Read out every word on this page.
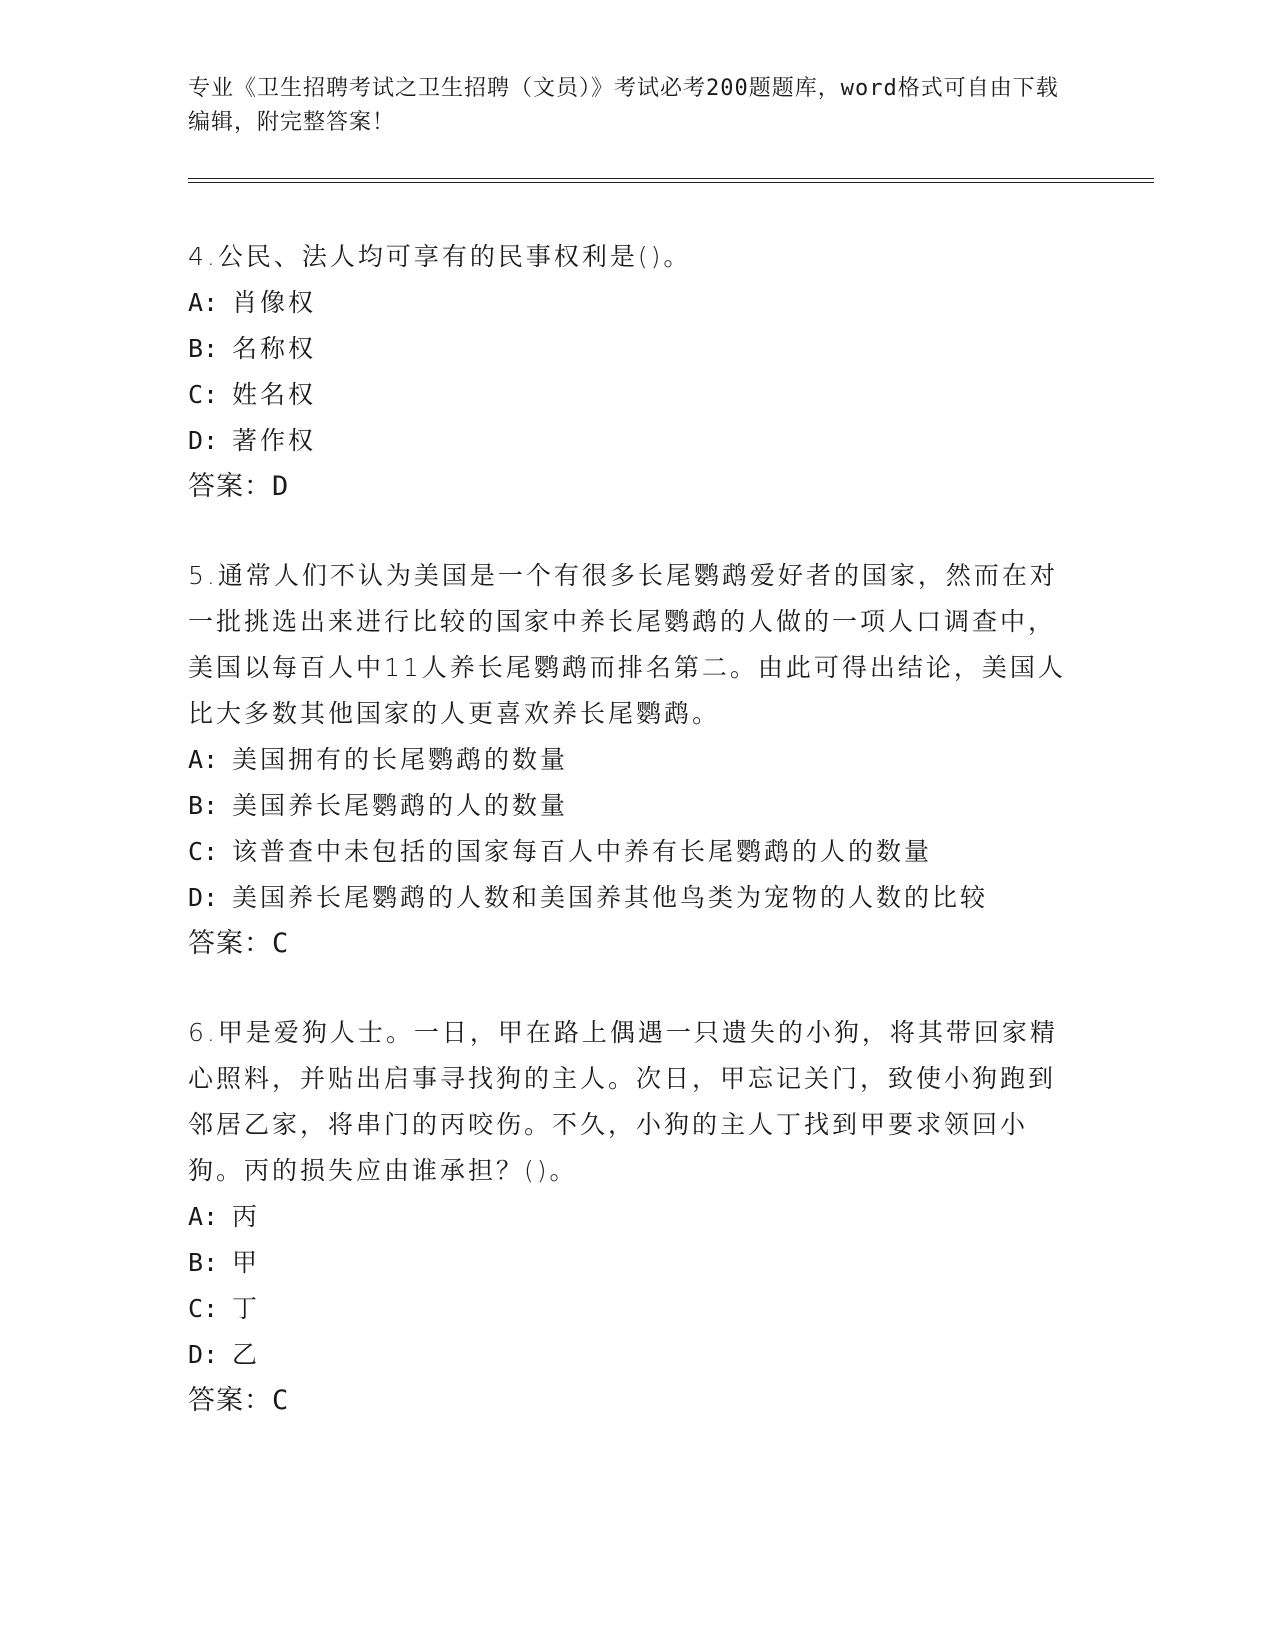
专业《卫生招聘考试之卫生招聘（文员）》考试必考200题题库，word格式可自由下载编辑，附完整答案！
4.公民、法人均可享有的民事权利是()。
A: 肖像权
B: 名称权
C: 姓名权
D: 著作权
答案：D
5.通常人们不认为美国是一个有很多长尾鹦鹉爱好者的国家，然而在对一批挑选出来进行比较的国家中养长尾鹦鹉的人做的一项人口调查中，美国以每百人中11人养长尾鹦鹉而排名第二。由此可得出结论，美国人比大多数其他国家的人更喜欢养长尾鹦鹉。
A: 美国拥有的长尾鹦鹉的数量
B: 美国养长尾鹦鹉的人的数量
C: 该普查中未包括的国家每百人中养有长尾鹦鹉的人的数量
D: 美国养长尾鹦鹉的人数和美国养其他鸟类为宠物的人数的比较
答案：C
6.甲是爱狗人士。一日，甲在路上偶遇一只遗失的小狗，将其带回家精心照料，并贴出启事寻找狗的主人。次日，甲忘记关门，致使小狗跑到邻居乙家，将串门的丙咬伤。不久，小狗的主人丁找到甲要求领回小狗。丙的损失应由谁承担？()。
A: 丙
B: 甲
C: 丁
D: 乙
答案：C
